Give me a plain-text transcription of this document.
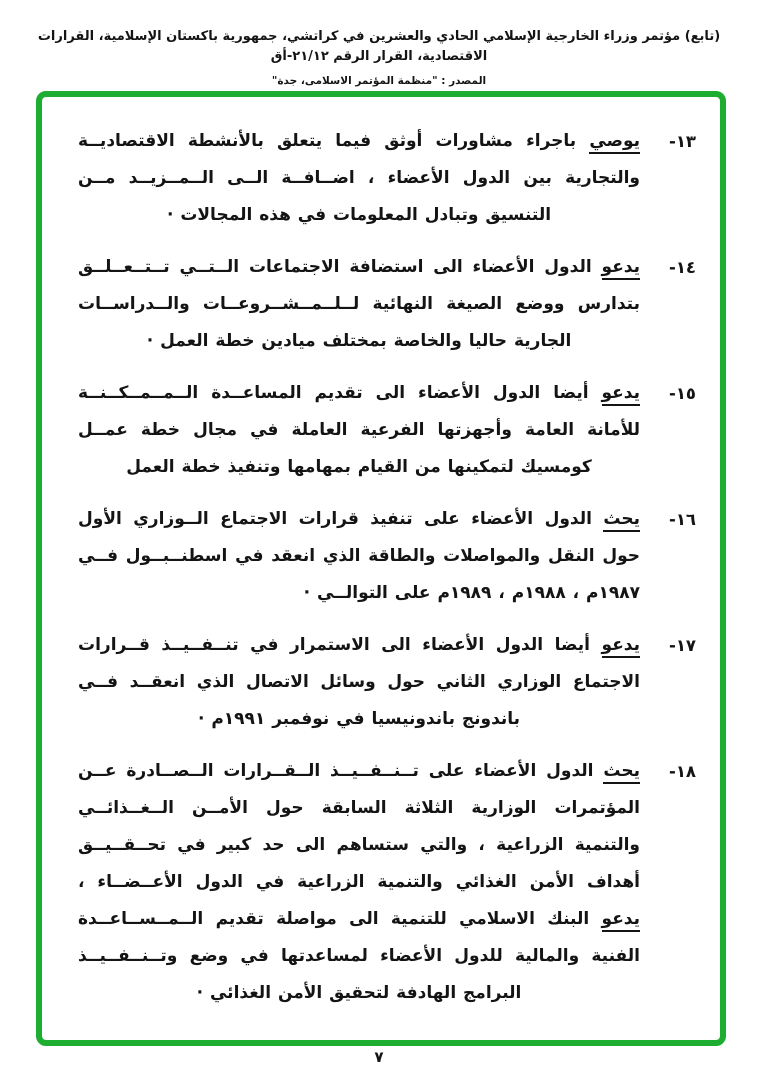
(تابع) مؤتمر وزراء الخارجية الإسلامي الحادي والعشرين في كراتشي، جمهورية باكستان الإسلامية، القرارات الاقتصادية، القرار الرقم ٢١/١٢-أق
المصدر : "منظمة المؤتمر الاسلامى، جدة"
١٣-
يوصي باجراء مشاورات أوثق فيما يتعلق بالأنشطة الاقتصاديــة
والتجارية بين الدول الأعضاء ، اضــافــة الــى الــمــزيــد مــن
التنسيق وتبادل المعلومات في هذه المجالات ·
١٤-
يدعو الدول الأعضاء الى استضافة الاجتماعات الــتــي تــتــعــلــق
بتدارس ووضع الصيغة النهائية لــلــمــشــروعــات والــدراســات
الجارية حاليا والخاصة بمختلف ميادين خطة العمل ·
١٥-
يدعو أيضا الدول الأعضاء الى تقديم المساعــدة الــمــمــكــنــة
للأمانة العامة وأجهزتها الفرعية العاملة في مجال خطة عمــل
كومسيك لتمكينها من القيام بمهامها وتنفيذ خطة العمل
١٦-
يحث الدول الأعضاء على تنفيذ قرارات الاجتماع الــوزاري الأول
حول النقل والمواصلات والطاقة الذي انعقد في اسطنــبــول فــي
١٩٨٧م ، ١٩٨٨م ، ١٩٨٩م على التوالــي ·
١٧-
يدعو أيضا الدول الأعضاء الى الاستمرار في تنــفــيــذ قــرارات
الاجتماع الوزاري الثاني حول وسائل الاتصال الذي انعقــد فــي
باندونج باندونيسيا في نوفمبر ١٩٩١م ·
١٨-
يحث الدول الأعضاء على تــنــفــيــذ الــقــرارات الــصــادرة عــن
المؤتمرات الوزارية الثلاثة السابقة حول الأمــن الــغــذائــي
والتنمية الزراعية ، والتي ستساهم الى حد كبير في تحــقــيــق
أهداف الأمن الغذائي والتنمية الزراعية في الدول الأعــضــاء ،
يدعو البنك الاسلامي للتنمية الى مواصلة تقديم الــمــســاعــدة
الفنية والمالية للدول الأعضاء لمساعدتها في وضع وتــنــفــيــذ
البرامج الهادفة لتحقيق الأمن الغذائي ·
٧
